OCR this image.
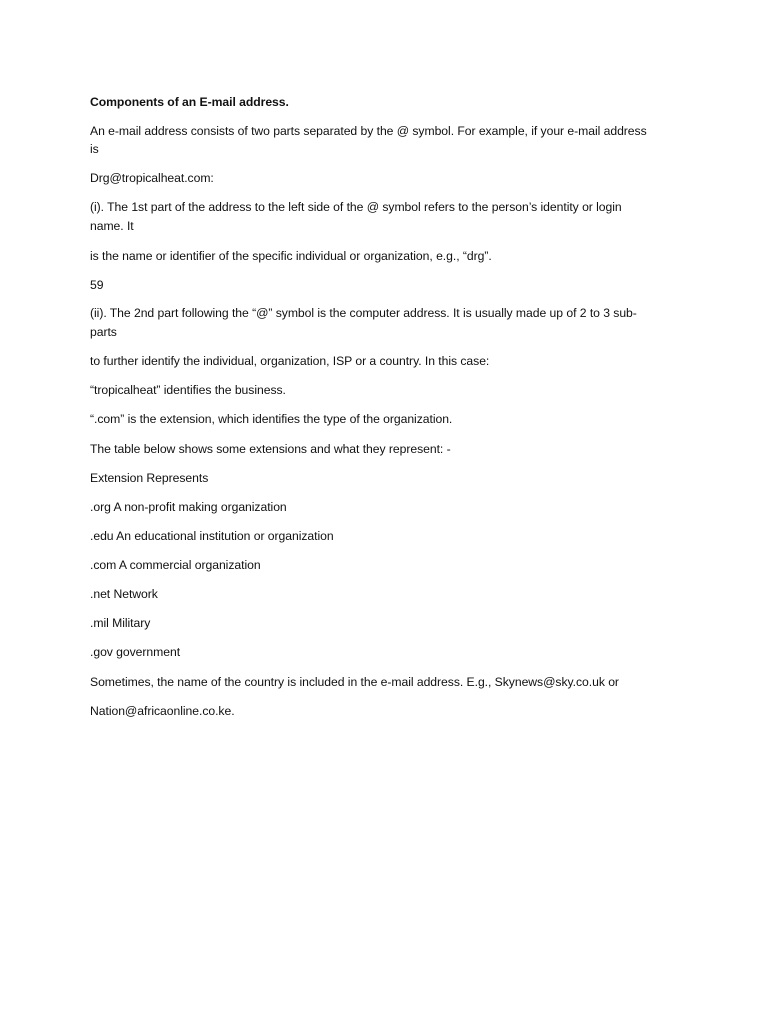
Components of an E-mail address.
An e-mail address consists of two parts separated by the @ symbol. For example, if your e-mail address
is
Drg@tropicalheat.com:
(i). The 1st part of the address to the left side of the @ symbol refers to the person’s identity or login
name. It
is the name or identifier of the specific individual or organization, e.g., “drg”.
59
(ii). The 2nd part following the “@” symbol is the computer address. It is usually made up of 2 to 3 sub-
parts
to further identify the individual, organization, ISP or a country. In this case:
“tropicalheat” identifies the business.
“.com” is the extension, which identifies the type of the organization.
The table below shows some extensions and what they represent: -
Extension Represents
.org A non-profit making organization
.edu An educational institution or organization
.com A commercial organization
.net Network
.mil Military
.gov government
Sometimes, the name of the country is included in the e-mail address. E.g., Skynews@sky.co.uk or
Nation@africaonline.co.ke.
